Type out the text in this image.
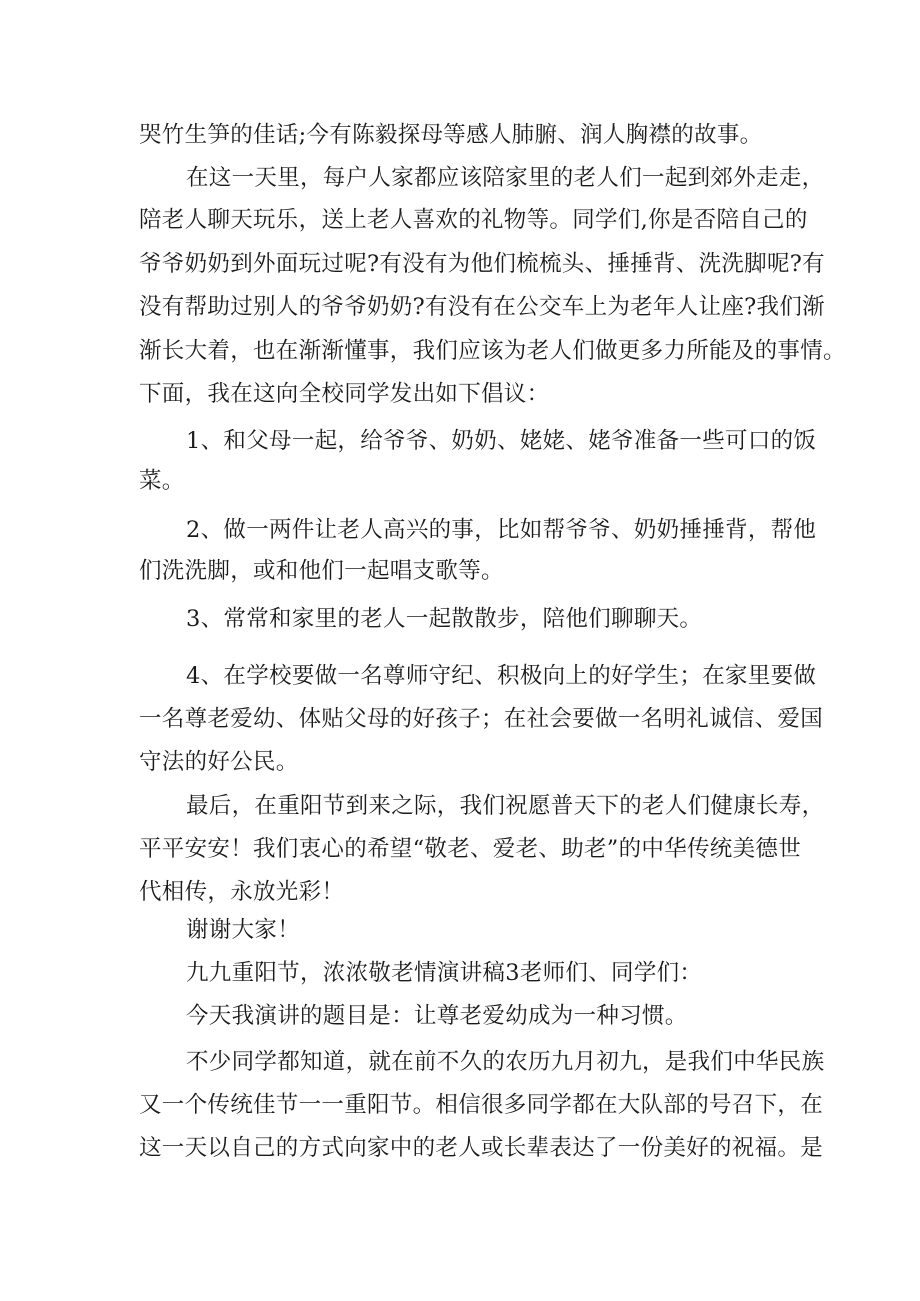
哭竹生笋的佳话;今有陈毅探母等感人肺腑、润人胸襟的故事。
在这一天里，每户人家都应该陪家里的老人们一起到郊外走走，
陪老人聊天玩乐，送上老人喜欢的礼物等。同学们,你是否陪自己的
爷爷奶奶到外面玩过呢?有没有为他们梳梳头、捶捶背、洗洗脚呢?有
没有帮助过别人的爷爷奶奶?有没有在公交车上为老年人让座?我们渐
渐长大着，也在渐渐懂事，我们应该为老人们做更多力所能及的事情。
下面，我在这向全校同学发出如下倡议：
1、和父母一起，给爷爷、奶奶、姥姥、姥爷准备一些可口的饭
菜。
2、做一两件让老人高兴的事，比如帮爷爷、奶奶捶捶背，帮他
们洗洗脚，或和他们一起唱支歌等。
3、常常和家里的老人一起散散步，陪他们聊聊天。
4、在学校要做一名尊师守纪、积极向上的好学生；在家里要做
一名尊老爱幼、体贴父母的好孩子；在社会要做一名明礼诚信、爱国
守法的好公民。
最后，在重阳节到来之际，我们祝愿普天下的老人们健康长寿，
平平安安！我们衷心的希望“敬老、爱老、助老”的中华传统美德世
代相传，永放光彩！
谢谢大家！
九九重阳节，浓浓敬老情演讲稿3老师们、同学们：
今天我演讲的题目是：让尊老爱幼成为一种习惯。
不少同学都知道，就在前不久的农历九月初九，是我们中华民族
又一个传统佳节一一重阳节。相信很多同学都在大队部的号召下，在
这一天以自己的方式向家中的老人或长辈表达了一份美好的祝福。是
